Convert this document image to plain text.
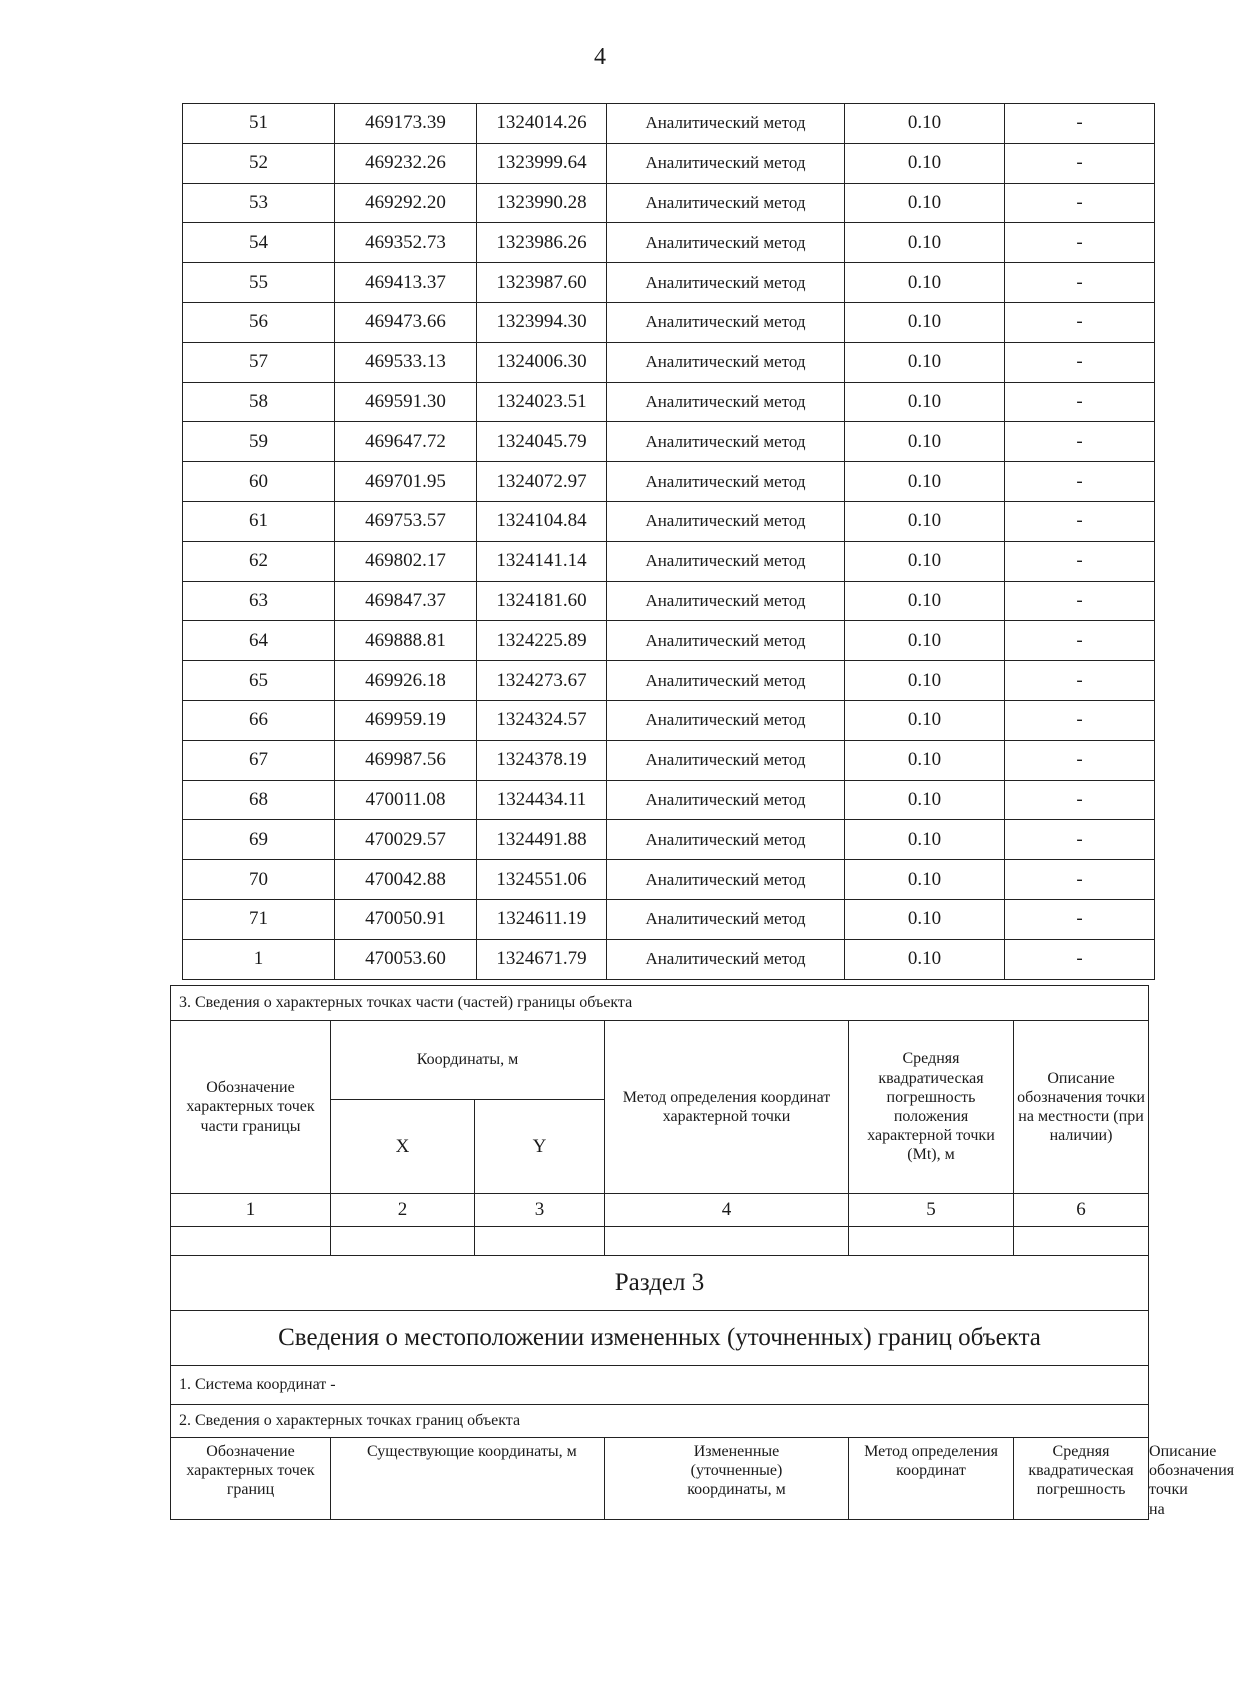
4
51	469173.39	1324014.26	Аналитический метод	0.10	-
52	469232.26	1323999.64	Аналитический метод	0.10	-
53	469292.20	1323990.28	Аналитический метод	0.10	-
54	469352.73	1323986.26	Аналитический метод	0.10	-
55	469413.37	1323987.60	Аналитический метод	0.10	-
56	469473.66	1323994.30	Аналитический метод	0.10	-
57	469533.13	1324006.30	Аналитический метод	0.10	-
58	469591.30	1324023.51	Аналитический метод	0.10	-
59	469647.72	1324045.79	Аналитический метод	0.10	-
60	469701.95	1324072.97	Аналитический метод	0.10	-
61	469753.57	1324104.84	Аналитический метод	0.10	-
62	469802.17	1324141.14	Аналитический метод	0.10	-
63	469847.37	1324181.60	Аналитический метод	0.10	-
64	469888.81	1324225.89	Аналитический метод	0.10	-
65	469926.18	1324273.67	Аналитический метод	0.10	-
66	469959.19	1324324.57	Аналитический метод	0.10	-
67	469987.56	1324378.19	Аналитический метод	0.10	-
68	470011.08	1324434.11	Аналитический метод	0.10	-
69	470029.57	1324491.88	Аналитический метод	0.10	-
70	470042.88	1324551.06	Аналитический метод	0.10	-
71	470050.91	1324611.19	Аналитический метод	0.10	-
1	470053.60	1324671.79	Аналитический метод	0.10	-
3. Сведения о характерных точках части (частей) границы объекта						
Обозначение характерных точек части границы	Координаты, м		Метод определения координат характерной точки	Средняя квадратическая погрешность положения характерной точки (Mt), м	Описание обозначения точки на местности (при наличии)	
	X	Y				
1	2	3	4	5	6	

Раздел 3						
Сведения о местоположении измененных (уточненных) границ объекта						
1. Система координат -						
2. Сведения о характерных точках границ объекта						
Обозначение характерных точек границ	Существующие координаты, м		Измененные (уточненные) координаты, м	Метод определения координат	Средняя квадратическая погрешность	Описание обозначения точки на
